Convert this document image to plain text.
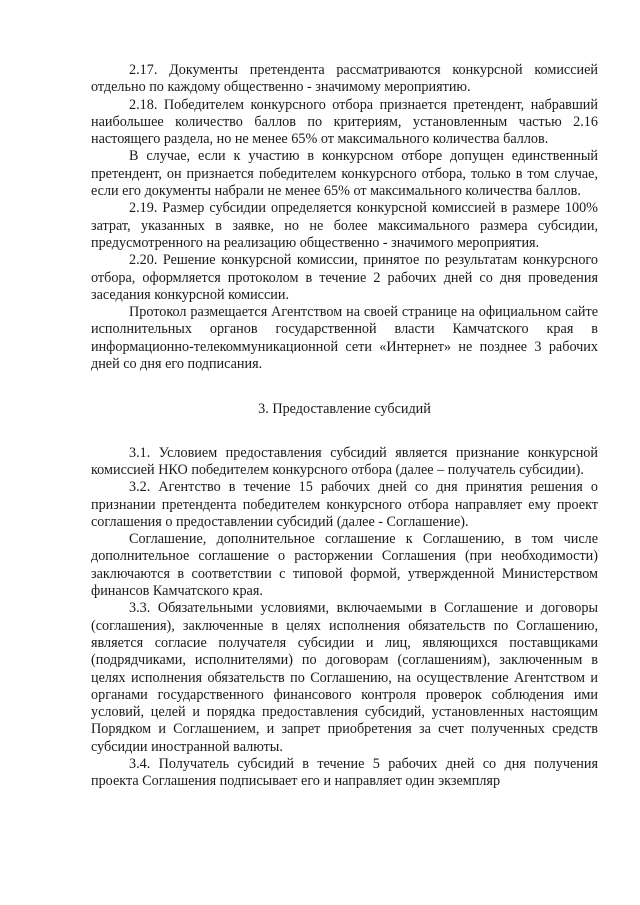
2.17. Документы претендента рассматриваются конкурсной комиссией отдельно по каждому общественно - значимому мероприятию.

2.18. Победителем конкурсного отбора признается претендент, набравший наибольшее количество баллов по критериям, установленным частью 2.16 настоящего раздела, но не менее 65% от максимального количества баллов.

В случае, если к участию в конкурсном отборе допущен единственный претендент, он признается победителем конкурсного отбора, только в том случае, если его документы набрали не менее 65% от максимального количества баллов.

2.19. Размер субсидии определяется конкурсной комиссией в размере 100% затрат, указанных в заявке, но не более максимального размера субсидии, предусмотренного на реализацию общественно - значимого мероприятия.

2.20. Решение конкурсной комиссии, принятое по результатам конкурсного отбора, оформляется протоколом в течение 2 рабочих дней со дня проведения заседания конкурсной комиссии.

Протокол размещается Агентством на своей странице на официальном сайте исполнительных органов государственной власти Камчатского края в информационно-телекоммуникационной сети «Интернет» не позднее 3 рабочих дней со дня его подписания.

3. Предоставление субсидий

3.1. Условием предоставления субсидий является признание конкурсной комиссией НКО победителем конкурсного отбора (далее – получатель субсидии).

3.2. Агентство в течение 15 рабочих дней со дня принятия решения о признании претендента победителем конкурсного отбора направляет ему проект соглашения о предоставлении субсидий (далее - Соглашение).

Соглашение, дополнительное соглашение к Соглашению, в том числе дополнительное соглашение о расторжении Соглашения (при необходимости) заключаются в соответствии с типовой формой, утвержденной Министерством финансов Камчатского края.

3.3. Обязательными условиями, включаемыми в Соглашение и договоры (соглашения), заключенные в целях исполнения обязательств по Соглашению, является согласие получателя субсидии и лиц, являющихся поставщиками (подрядчиками, исполнителями) по договорам (соглашениям), заключенным в целях исполнения обязательств по Соглашению, на осуществление Агентством и органами государственного финансового контроля проверок соблюдения ими условий, целей и порядка предоставления субсидий, установленных настоящим Порядком и Соглашением, и запрет приобретения за счет полученных средств субсидии иностранной валюты.

3.4. Получатель субсидий в течение 5 рабочих дней со дня получения проекта Соглашения подписывает его и направляет один экземпляр
